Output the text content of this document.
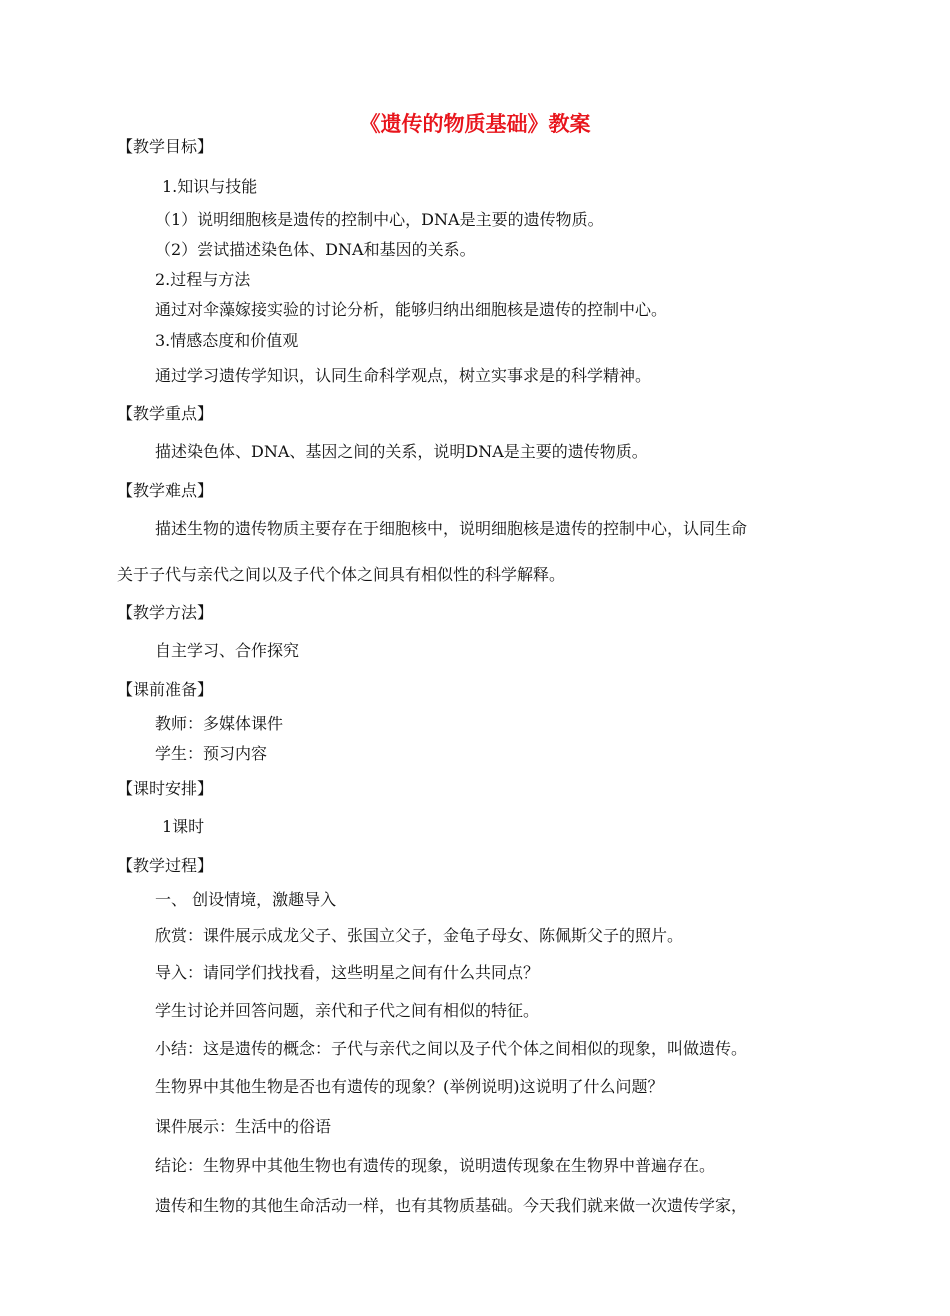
《遗传的物质基础》教案
【教学目标】
1.知识与技能
（1）说明细胞核是遗传的控制中心，DNA是主要的遗传物质。
（2）尝试描述染色体、DNA和基因的关系。
2.过程与方法
通过对伞藻嫁接实验的讨论分析，能够归纳出细胞核是遗传的控制中心。
3.情感态度和价值观
通过学习遗传学知识，认同生命科学观点，树立实事求是的科学精神。
【教学重点】
描述染色体、DNA、基因之间的关系，说明DNA是主要的遗传物质。
【教学难点】
描述生物的遗传物质主要存在于细胞核中，说明细胞核是遗传的控制中心，认同生命
关于子代与亲代之间以及子代个体之间具有相似性的科学解释。
【教学方法】
自主学习、合作探究
【课前准备】
教师：多媒体课件
学生：预习内容
【课时安排】
1课时
【教学过程】
一、 创设情境，激趣导入
欣赏：课件展示成龙父子、张国立父子，金龟子母女、陈佩斯父子的照片。
导入：请同学们找找看，这些明星之间有什么共同点？
学生讨论并回答问题，亲代和子代之间有相似的特征。
小结：这是遗传的概念：子代与亲代之间以及子代个体之间相似的现象，叫做遗传。
生物界中其他生物是否也有遗传的现象？(举例说明)这说明了什么问题？
课件展示：生活中的俗语
结论：生物界中其他生物也有遗传的现象，说明遗传现象在生物界中普遍存在。
遗传和生物的其他生命活动一样，也有其物质基础。今天我们就来做一次遗传学家，
